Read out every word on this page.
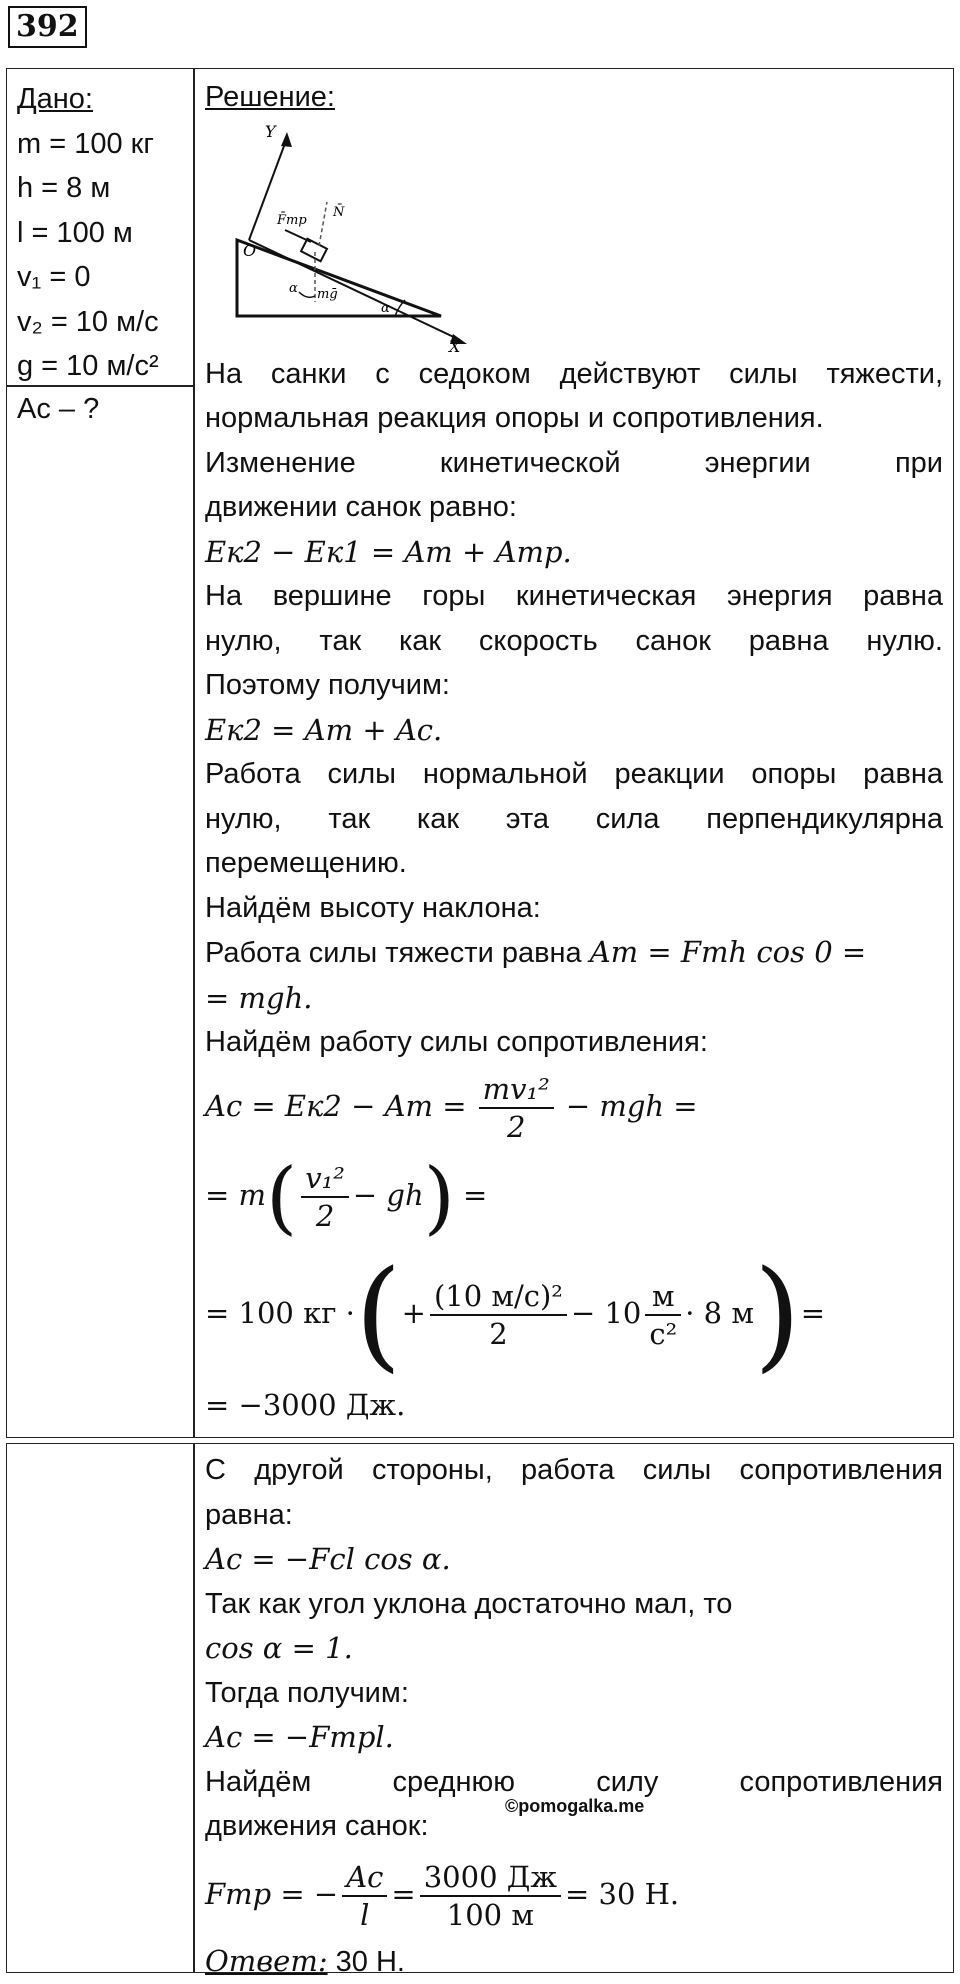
392
Дано:
m = 100 кг
h = 8 м
l = 100 м
v₁ = 0
v₂ = 10 м/с
g = 10 м/с²
Aс – ?
Решение:
Y
X
O
F̄тр
N̄
mḡ
α
α
На санки с седоком действуют силы тяжести,
нормальная реакция опоры и сопротивления.
Изменение кинетической энергии при
движении санок равно:
Eк2 − Eк1 = Aт + Aтр.
На вершине горы кинетическая энергия равна
нулю, так как скорость санок равна нулю.
Поэтому получим:
Eк2 = Aт + Aс.
Работа силы нормальной реакции опоры равна
нулю, так как эта сила перпендикулярна
перемещению.
Найдём высоту наклона:
Работа силы тяжести равна Aт = Fтh cos 0 =
= mgh.
Найдём работу силы сопротивления:
Aс = Eк2 − Aт = $\frac{\text{mv₁²}}{2}$ − mgh =
= $m( \frac{\text{v₁²}}{2} - gh)$ =
= 100 кг ·(+ $\frac{\text{(10 м/с)²}}{2} - 10 \frac{м}{\text{с²}} \cdot 8$ м)=
= −3000 Дж.
С другой стороны, работа силы сопротивления
равна:
Aс = −Fсl cos α.
Так как угол уклона достаточно мал, то
cos α = 1.
Тогда получим:
Aс = −Fтрl.
Найдём среднюю силу сопротивления
движения санок:
Fтр = − $\frac{Aс}{l} = \frac{3000 Дж}{100 м} = 30$ Н.
Ответ: 30 Н.
©pomogalka.me
